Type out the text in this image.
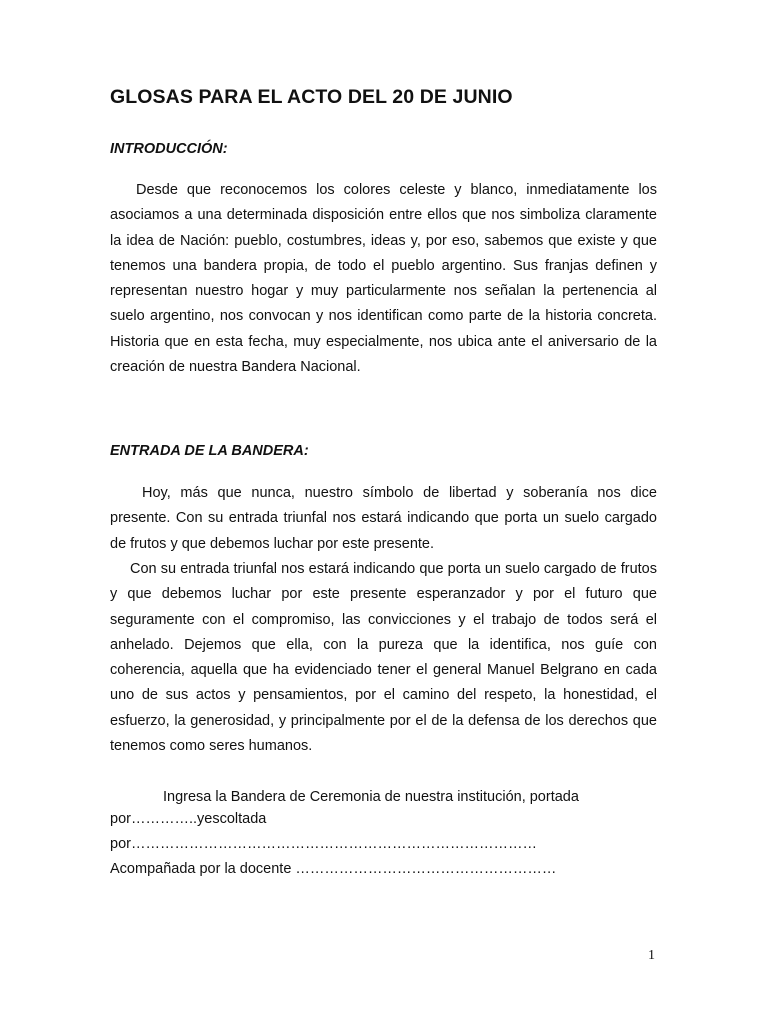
GLOSAS PARA EL ACTO DEL 20 DE JUNIO
INTRODUCCIÓN:

Desde que reconocemos los colores celeste y blanco, inmediatamente los asociamos a una determinada disposición entre ellos que nos simboliza claramente la idea de Nación: pueblo, costumbres, ideas y, por eso, sabemos que existe y que tenemos una bandera propia, de todo el pueblo argentino. Sus franjas definen y representan nuestro hogar y muy particularmente nos señalan la pertenencia al suelo argentino, nos convocan y nos identifican como parte de la historia concreta. Historia que en esta fecha, muy especialmente, nos ubica ante el aniversario de la creación de nuestra Bandera Nacional.

ENTRADA DE LA BANDERA:

Hoy, más que nunca, nuestro símbolo de libertad y soberanía nos dice presente. Con su entrada triunfal nos estará indicando que porta un suelo cargado de frutos y que debemos luchar por este presente.

Con su entrada triunfal nos estará indicando que porta un suelo cargado de frutos y que debemos luchar por este presente esperanzador y por el futuro que seguramente con el compromiso, las convicciones y el trabajo de todos será el anhelado. Dejemos que ella, con la pureza que la identifica, nos guíe con coherencia, aquella que ha evidenciado tener el general Manuel Belgrano en cada uno de sus actos y pensamientos, por el camino del respeto, la honestidad, el esfuerzo, la generosidad, y principalmente por el de la defensa de los derechos que tenemos como seres humanos.

Ingresa la Bandera de Ceremonia de nuestra institución, portada

por…………..yescoltada

por…………………………………………………………………………

Acompañada por la docente ………………………………………………

1
